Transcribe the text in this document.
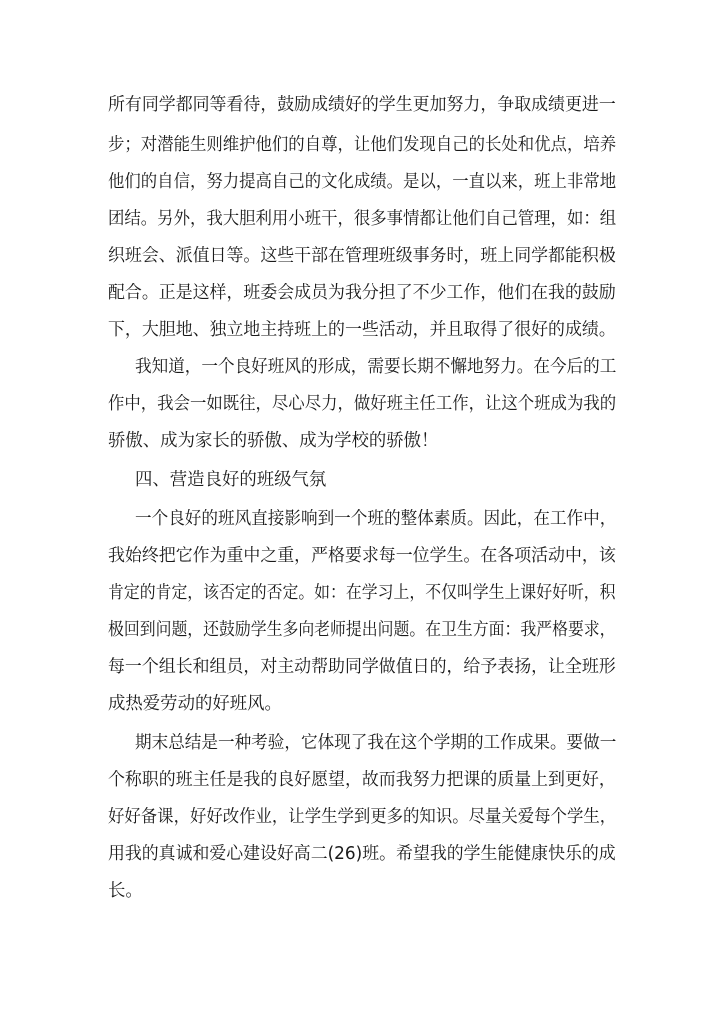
所有同学都同等看待，鼓励成绩好的学生更加努力，争取成绩更进一
步；对潜能生则维护他们的自尊，让他们发现自己的长处和优点，培养
他们的自信，努力提高自己的文化成绩。是以，一直以来，班上非常地
团结。另外，我大胆利用小班干，很多事情都让他们自己管理，如：组
织班会、派值日等。这些干部在管理班级事务时，班上同学都能积极
配合。正是这样，班委会成员为我分担了不少工作，他们在我的鼓励
下，大胆地、独立地主持班上的一些活动，并且取得了很好的成绩。
我知道，一个良好班风的形成，需要长期不懈地努力。在今后的工
作中，我会一如既往，尽心尽力，做好班主任工作，让这个班成为我的
骄傲、成为家长的骄傲、成为学校的骄傲！
四、营造良好的班级气氛
一个良好的班风直接影响到一个班的整体素质。因此，在工作中，
我始终把它作为重中之重，严格要求每一位学生。在各项活动中，该
肯定的肯定，该否定的否定。如：在学习上，不仅叫学生上课好好听，积
极回到问题，还鼓励学生多向老师提出问题。在卫生方面：我严格要求，
每一个组长和组员，对主动帮助同学做值日的，给予表扬，让全班形
成热爱劳动的好班风。
期末总结是一种考验，它体现了我在这个学期的工作成果。要做一
个称职的班主任是我的良好愿望，故而我努力把课的质量上到更好，
好好备课，好好改作业，让学生学到更多的知识。尽量关爱每个学生，
用我的真诚和爱心建设好高二(26)班。希望我的学生能健康快乐的成
长。
